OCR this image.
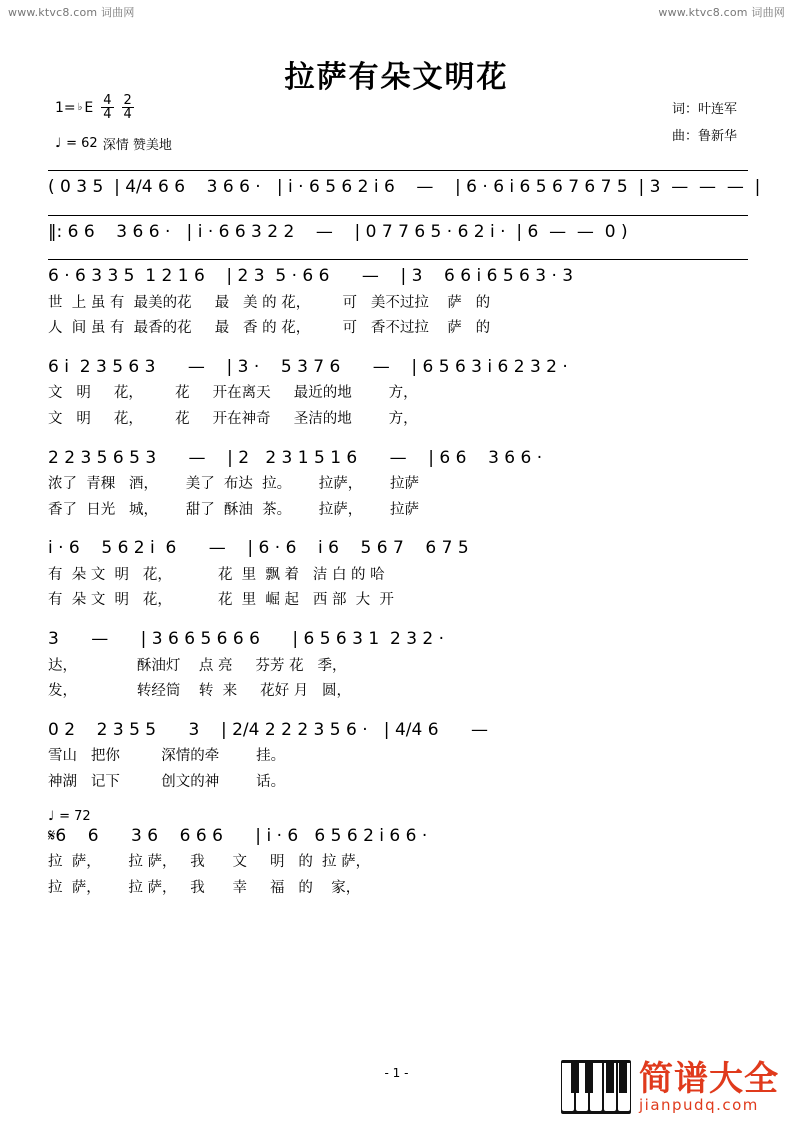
www.ktvc8.com 词曲网	www.ktvc8.com 词曲网
拉萨有朵文明花
1= ♭ E $\frac{4}{4} \frac{2}{4}$
♩ = 62 深情 赞美地
词：叶连军
曲：鲁新华
( 0 3 5  | 4/4 6 6    3 6 6 ·   | i · 6 5 6 2 i 6    —    | 6 · 6 i 6 5 6 7 6 7 5  | 3  —  —  —  |
‖: 6 6    3 6 6 ·   | i · 6 6 3 2 2    —    | 0 7 7 6 5 · 6 2 i ·  | 6  —  —  0 )
6 · 6 3 3 5  1 2 1 6    | 2 3  5 · 6 6      —    | 3    6 6 i 6 5 6 3 · 3
世  上 虽 有  最美的花     最   美 的 花，       可   美不过拉    萨   的
人  间 虽 有  最香的花     最   香 的 花，       可   香不过拉    萨   的
6 i  2 3 5 6 3      —    | 3 ·    5 3 7 6      —    | 6 5 6 3 i 6 2 3 2 ·
文   明     花，       花     开在离天     最近的地        方，
文   明     花，       花     开在神奇     圣洁的地        方，
2 2 3 5 6 5 3      —    | 2   2 3 1 5 1 6      —    | 6 6    3 6 6 ·
浓了  青稞   酒，      美了  布达  拉。      拉萨，      拉萨
香了  日光   城，      甜了  酥油  茶。      拉萨，      拉萨
i · 6    5 6 2 i  6      —    | 6 · 6    i 6    5 6 7    6 7 5
有  朵 文  明   花，          花  里  飘 着   洁 白 的 哈
有  朵 文  明   花，          花  里  崛 起   西 部  大  开
3      —      | 3 6 6 5 6 6 6      | 6 5 6 3 1  2 3 2 ·
达，             酥油灯    点 亮     芬芳 花   季，
发，             转经筒    转  来     花好 月   圆，
0 2    2 3 5 5      3    | 2/4 2 2 2 3 5 6 ·   | 4/4 6      —
雪山   把你         深情的牵        挂。
神湖   记下         创文的神        话。
♩ = 72
𝄋6    6      3 6    6 6 6      | i · 6   6 5 6 2 i 6 6 ·
拉  萨，      拉 萨，   我      文     明   的  拉 萨，
拉  萨，      拉 萨，   我      幸     福   的    家，
- 1 -	简谱大全
jianpudq.com
